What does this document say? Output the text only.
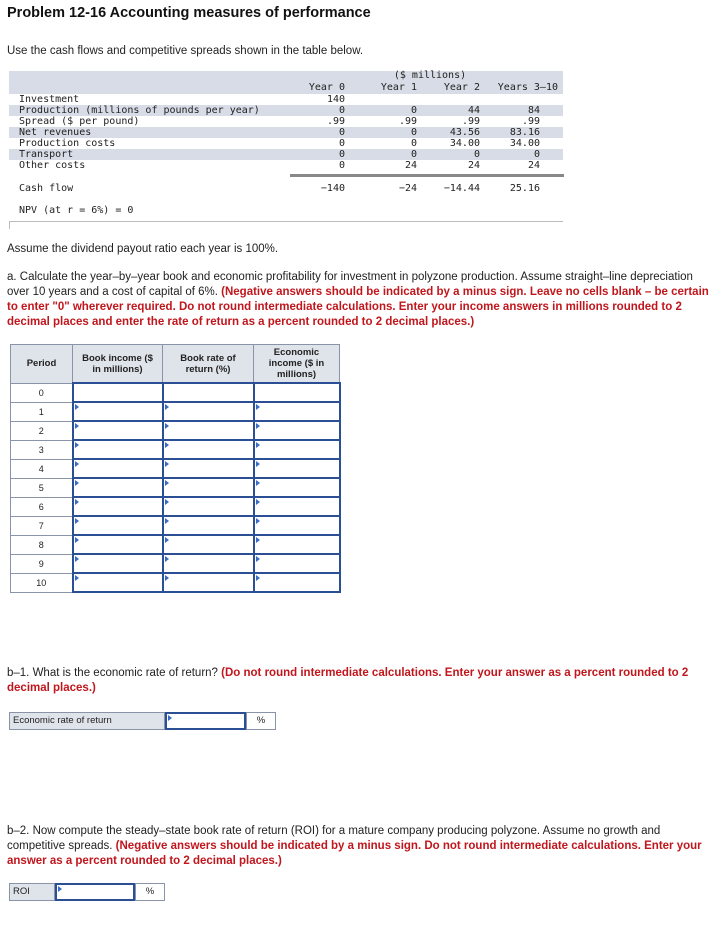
Problem 12-16 Accounting measures of performance
Use the cash flows and competitive spreads shown in the table below.
($ millions)
Year 0	Year 1	Year 2	Years 3–10
Investment	140
Production (millions of pounds per year)	0	0	44	84
Spread ($ per pound)	.99	.99	.99	.99
Net revenues	0	0	43.56	83.16
Production costs	0	0	34.00	34.00
Transport	0	0	0	0
Other costs	0	24	24	24
Cash flow	−140	−24	−14.44	25.16
NPV (at r = 6%) = 0
Assume the dividend payout ratio each year is 100%.
a. Calculate the year–by–year book and economic profitability for investment in polyzone production. Assume straight–line depreciation over 10 years and a cost of capital of 6%. (Negative answers should be indicated by a minus sign. Leave no cells blank – be certain to enter "0" wherever required. Do not round intermediate calculations. Enter your income answers in millions rounded to 2 decimal places and enter the rate of return as a percent rounded to 2 decimal places.)
Period	Book income ($ in millions)	Book rate of return (%)	Economic income ($ in millions)
0			
1	

2	

3	

4	

5	

6	

7	

8	

9	

10	

b–1. What is the economic rate of return? (Do not round intermediate calculations. Enter your answer as a percent rounded to 2 decimal places.)
Economic rate of return	%
b–2. Now compute the steady–state book rate of return (ROI) for a mature company producing polyzone. Assume no growth and competitive spreads. (Negative answers should be indicated by a minus sign. Do not round intermediate calculations. Enter your answer as a percent rounded to 2 decimal places.)
ROI	%
